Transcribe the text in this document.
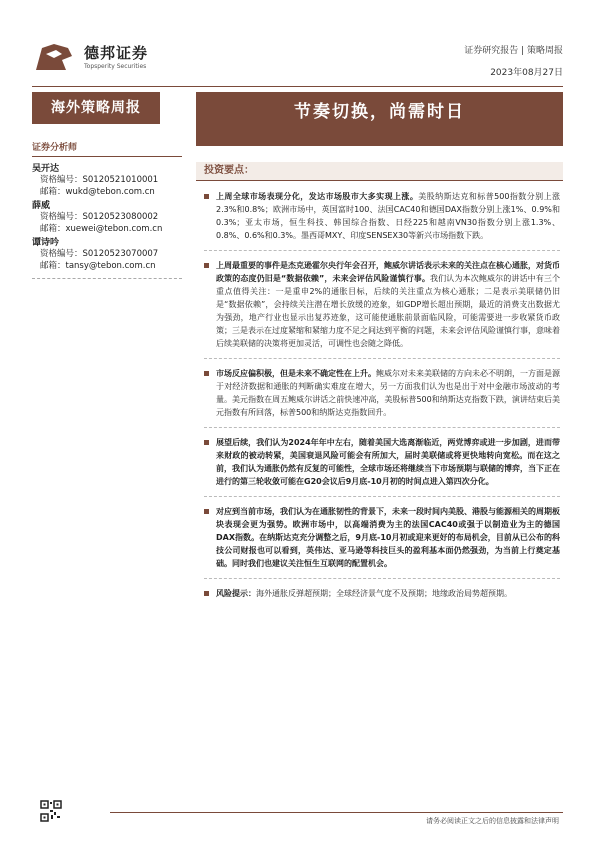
德邦证券
Topsperity Securities
证券研究报告 | 策略周报
2023年08月27日
海外策略周报	节奏切换，尚需时日
证券分析师
吴开达
资格编号：S0120521010001
邮箱：wukd@tebon.com.cn
薛威
资格编号：S0120523080002
邮箱：xuewei@tebon.com.cn
谭诗吟
资格编号：S0120523070007
邮箱：tansy@tebon.com.cn
投资要点：
上周全球市场表现分化，发达市场股市大多实现上涨。美股纳斯达克和标普500指数分别上涨2.3%和0.8%；欧洲市场中，英国富时100、法国CAC40和德国DAX指数分别上涨1%、0.9%和0.3%；亚太市场，恒生科技、韩国综合指数、日经225和越南VN30指数分别上涨1.3%、0.8%、0.6%和0.3%。墨西哥MXY、印度SENSEX30等新兴市场指数下跌。
上周最重要的事件是杰克逊霍尔央行年会召开，鲍威尔讲话表示未来的关注点在核心通胀，对货币政策的态度仍旧是“数据依赖”，未来会评估风险谨慎行事。我们认为本次鲍威尔的讲话中有三个重点值得关注：一是重申2%的通胀目标，后续的关注重点为核心通胀；二是表示美联储仍旧是“数据依赖”，会持续关注潜在增长放缓的迹象，如GDP增长超出预期，最近的消费支出数据尤为强劲，地产行业也显示出复苏迹象，这可能使通胀前景面临风险，可能需要进一步收紧货币政策；三是表示在过度紧缩和紧缩力度不足之间达到平衡的问题，未来会评估风险谨慎行事，意味着后续美联储的决策将更加灵活，可调性也会随之降低。
市场反应偏积极，但是未来不确定性在上升。鲍威尔对未来美联储的方向未必不明朗，一方面是源于对经济数据和通胀的判断确实难度在增大，另一方面我们认为也是出于对中金融市场波动的考量。美元指数在周五鲍威尔讲话之前快速冲高，美股标普500和纳斯达克指数下跌，演讲结束后美元指数有所回落，标普500和纳斯达克指数回升。
展望后续，我们认为2024年年中左右，随着美国大选离渐临近，两党博弈或进一步加剧，进而带来财政的被动转紧，美国衰退风险可能会有所加大，届时美联储或将更快地转向宽松。而在这之前，我们认为通胀仍然有反复的可能性，全球市场还将继续当下市场预期与联储的博弈，当下正在进行的第三轮收敛可能在G20会议后9月底-10月初的时间点进入第四次分化。
对应到当前市场，我们认为在通胀韧性的背景下，未来一段时间内美股、港股与能源相关的周期板块表现会更为强势。欧洲市场中，以高端消费为主的法国CAC40或强于以制造业为主的德国DAX指数。在纳斯达克充分调整之后，9月底-10月初或迎来更好的布局机会，目前从已公布的科技公司财报也可以看到，英伟达、亚马逊等科技巨头的盈利基本面仍然强劲，为当前上行奠定基础。同时我们也建议关注恒生互联网的配置机会。
风险提示：海外通胀反弹超预期；全球经济景气度不及预期；地缘政治局势超预期。
请务必阅读正文之后的信息披露和法律声明
